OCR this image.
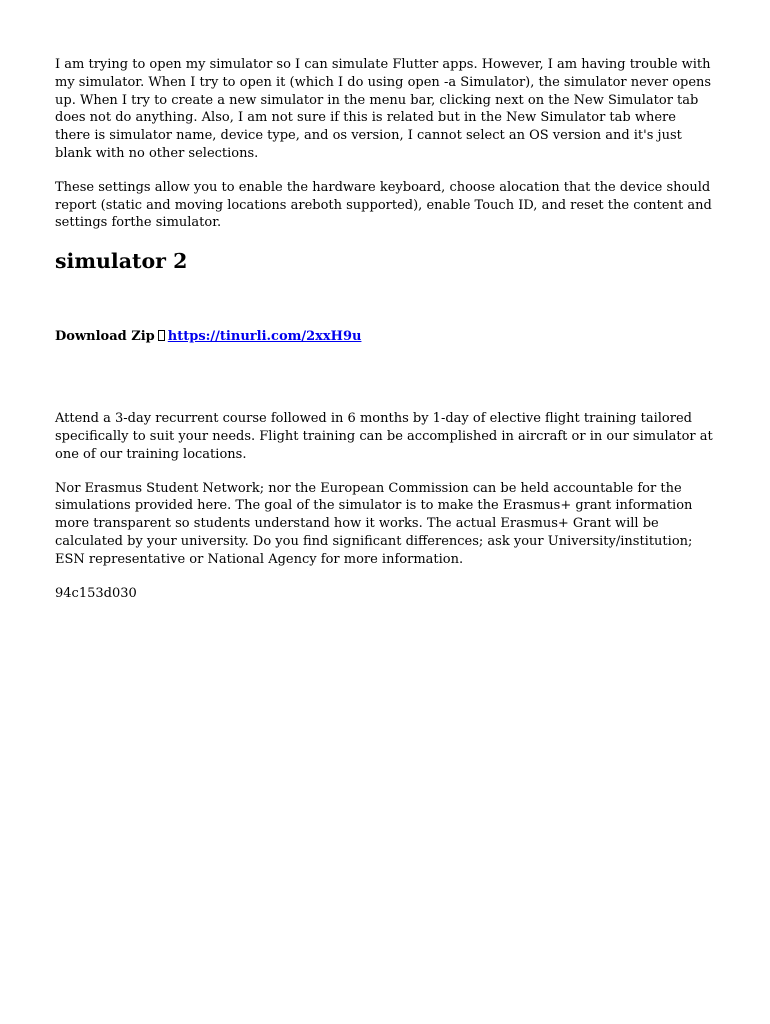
I am trying to open my simulator so I can simulate Flutter apps. However, I am having trouble with my simulator. When I try to open it (which I do using open -a Simulator), the simulator never opens up. When I try to create a new simulator in the menu bar, clicking next on the New Simulator tab does not do anything. Also, I am not sure if this is related but in the New Simulator tab where there is simulator name, device type, and os version, I cannot select an OS version and it's just blank with no other selections.

These settings allow you to enable the hardware keyboard, choose alocation that the device should report (static and moving locations areboth supported), enable Touch ID, and reset the content and settings forthe simulator.

simulator 2
Download Zip https://tinurli.com/2xxH9u

Attend a 3-day recurrent course followed in 6 months by 1-day of elective flight training tailored specifically to suit your needs. Flight training can be accomplished in aircraft or in our simulator at one of our training locations.

Nor Erasmus Student Network; nor the European Commission can be held accountable for the simulations provided here. The goal of the simulator is to make the Erasmus+ grant information more transparent so students understand how it works. The actual Erasmus+ Grant will be calculated by your university. Do you find significant differences; ask your University/institution; ESN representative or National Agency for more information.

94c153d030
